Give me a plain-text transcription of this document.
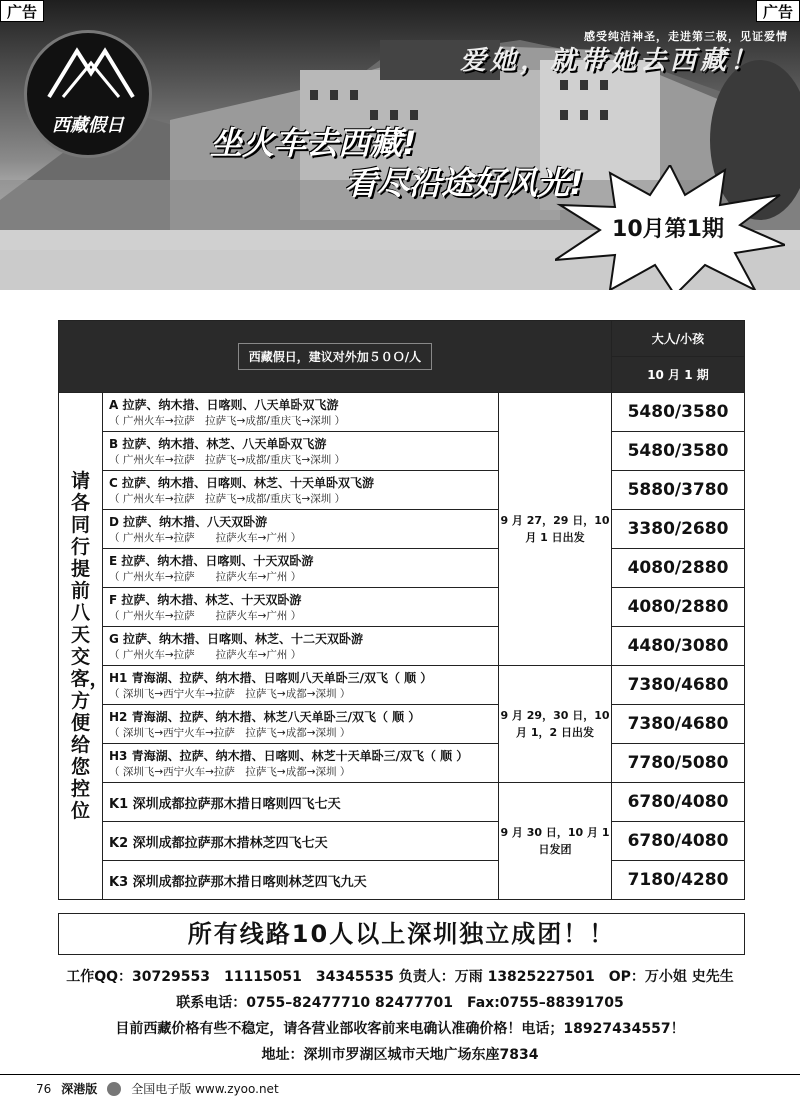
广告	广告
西藏假日
感受纯洁神圣，走进第三极，见证爱情
爱她，就带她去西藏！
坐火车去西藏!
看尽沿途好风光!
10月第1期
西藏假日，建议对外加５０Ｏ/人			大人/小孩
			10 月 1 期

请各同行提前八天交客，方便给您控位	A 拉萨、纳木措、日喀则、八天单卧双飞游
（ 广州火车→拉萨　拉萨飞→成都/重庆飞→深圳 ）	9 月 27，29 日，10 月 1 日出发	5480/3580

	B 拉萨、纳木措、林芝、八天单卧双飞游
（ 广州火车→拉萨　拉萨飞→成都/重庆飞→深圳 ）		5480/3580

	C 拉萨、纳木措、日喀则、林芝、十天单卧双飞游
（ 广州火车→拉萨　拉萨飞→成都/重庆飞→深圳 ）		5880/3780

	D 拉萨、纳木措、八天双卧游
（ 广州火车→拉萨　　拉萨火车→广州 ）		3380/2680

	E 拉萨、纳木措、日喀则、十天双卧游
（ 广州火车→拉萨　　拉萨火车→广州 ）		4080/2880

	F 拉萨、纳木措、林芝、十天双卧游
（ 广州火车→拉萨　　拉萨火车→广州 ）		4080/2880

	G 拉萨、纳木措、日喀则、林芝、十二天双卧游
（ 广州火车→拉萨　　拉萨火车→广州 ）		4480/3080

	H1 青海湖、拉萨、纳木措、日喀则八天单卧三/双飞（ 顺 ）
（ 深圳飞→西宁火车→拉萨　拉萨飞→成都→深圳 ）	9 月 29，30 日，10 月 1，2 日出发	7380/4680

	H2 青海湖、拉萨、纳木措、林芝八天单卧三/双飞（ 顺 ）
（ 深圳飞→西宁火车→拉萨　拉萨飞→成都→深圳 ）		7380/4680

	H3 青海湖、拉萨、纳木措、日喀则、林芝十天单卧三/双飞（ 顺 ）
（ 深圳飞→西宁火车→拉萨　拉萨飞→成都→深圳 ）		7780/5080
	K1 深圳成都拉萨那木措日喀则四飞七天	9 月 30 日，10 月 1 日发团	6780/4080
	K2 深圳成都拉萨那木措林芝四飞七天		6780/4080
	K3 深圳成都拉萨那木措日喀则林芝四飞九天		7180/4280
所有线路10人以上深圳独立成团！！
工作QQ：30729553　11115051　34345535 负责人：万雨 13825227501　OP：万小姐 史先生
联系电话：0755–82477710 82477701　Fax:0755–88391705
目前西藏价格有些不稳定，请各营业部收客前来电确认准确价格！电话；18927434557！
地址：深圳市罗湖区城市天地广场东座7834
76 深港版	全国电子版 www.zyoo.net
